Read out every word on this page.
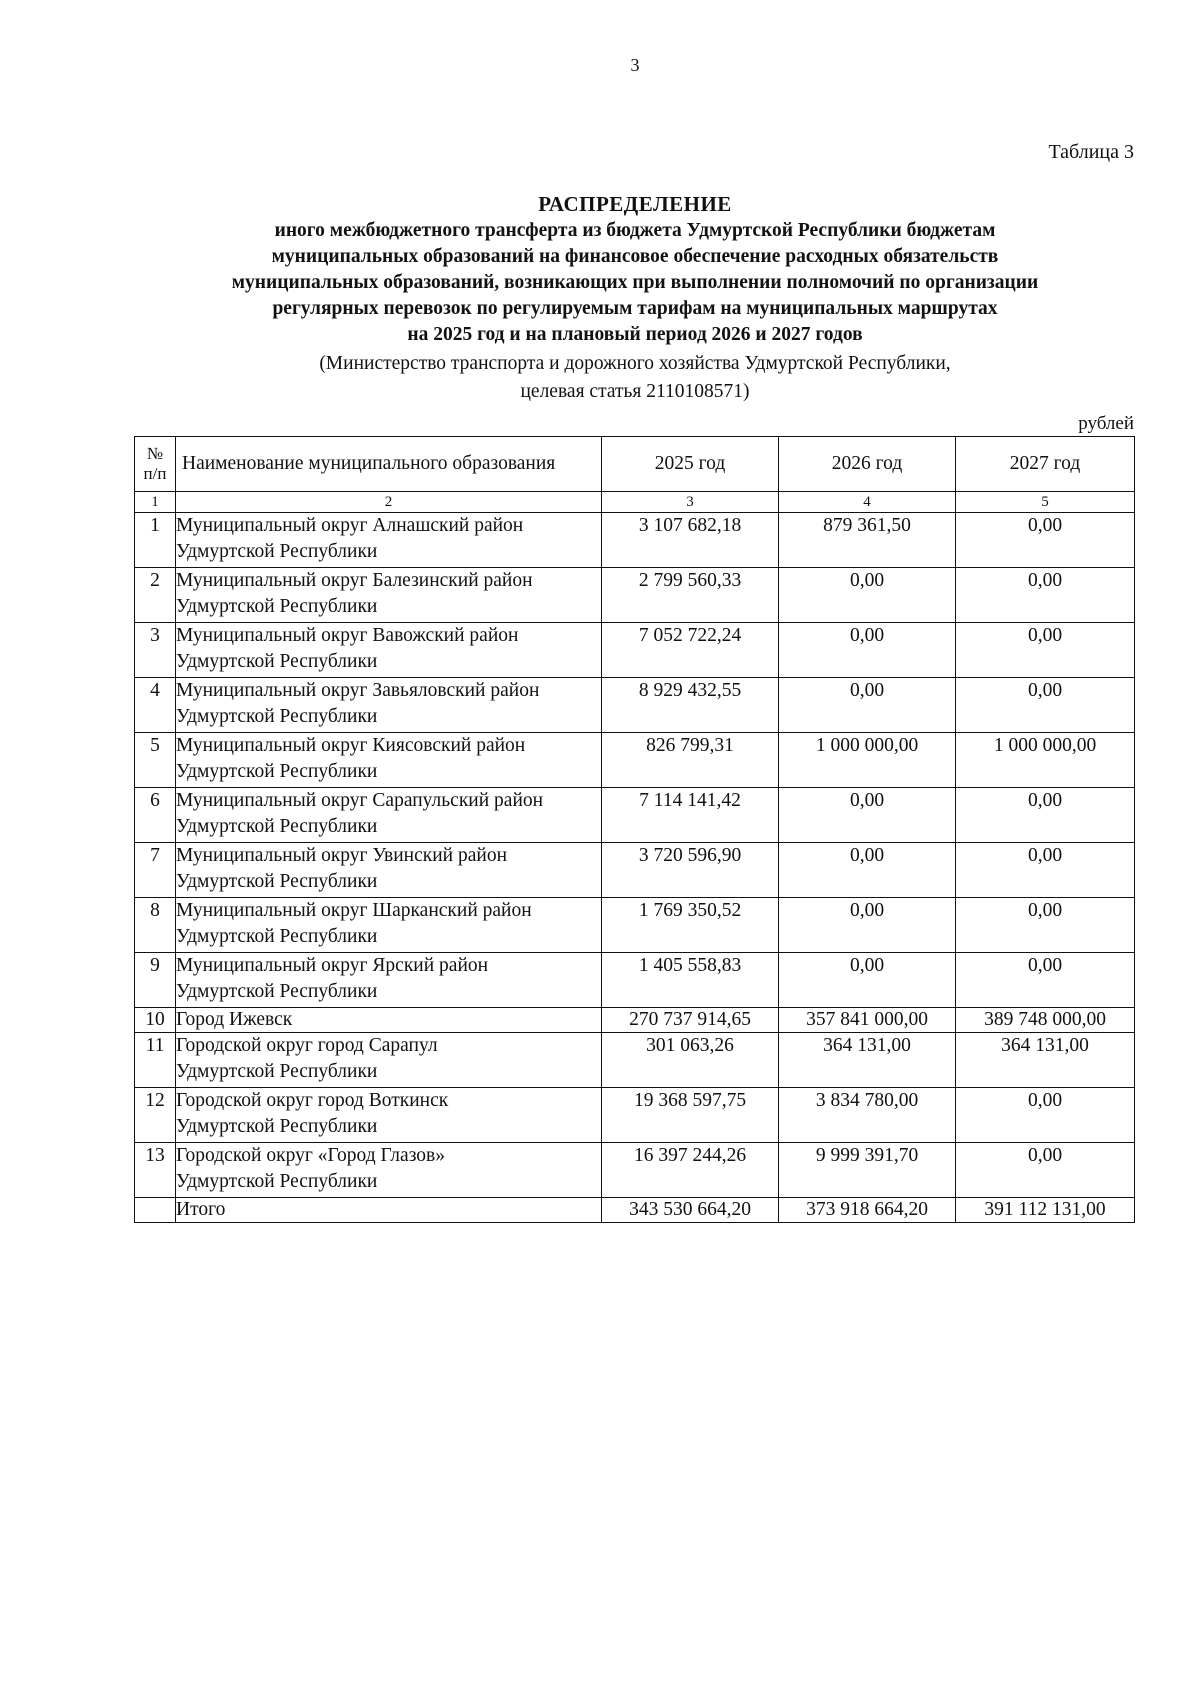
3
Таблица 3
РАСПРЕДЕЛЕНИЕ
иного межбюджетного трансферта из бюджета Удмуртской Республики бюджетам
муниципальных образований на финансовое обеспечение расходных обязательств
муниципальных образований, возникающих при выполнении полномочий по организации
регулярных перевозок по регулируемым тарифам на муниципальных маршрутах
на 2025 год и на плановый период 2026 и 2027 годов
(Министерство транспорта и дорожного хозяйства Удмуртской Республики,
целевая статья 2110108571)
рублей
№
п/п	Наименование муниципального образования	2025 год	2026 год	2027 год
1	2	3	4	5
1	Муниципальный округ Алнашский район
Удмуртской Республики	3 107 682,18	879 361,50	0,00
2	Муниципальный округ Балезинский район
Удмуртской Республики	2 799 560,33	0,00	0,00
3	Муниципальный округ Вавожский район
Удмуртской Республики	7 052 722,24	0,00	0,00
4	Муниципальный округ Завьяловский район
Удмуртской Республики	8 929 432,55	0,00	0,00
5	Муниципальный округ Киясовский район
Удмуртской Республики	826 799,31	1 000 000,00	1 000 000,00
6	Муниципальный округ Сарапульский район
Удмуртской Республики	7 114 141,42	0,00	0,00
7	Муниципальный округ Увинский район
Удмуртской Республики	3 720 596,90	0,00	0,00
8	Муниципальный округ Шарканский район
Удмуртской Республики	1 769 350,52	0,00	0,00
9	Муниципальный округ Ярский район
Удмуртской Республики	1 405 558,83	0,00	0,00
10	Город Ижевск	270 737 914,65	357 841 000,00	389 748 000,00
11	Городской округ город Сарапул
Удмуртской Республики	301 063,26	364 131,00	364 131,00
12	Городской округ город Воткинск
Удмуртской Республики	19 368 597,75	3 834 780,00	0,00
13	Городской округ «Город Глазов»
Удмуртской Республики	16 397 244,26	9 999 391,70	0,00
	Итого	343 530 664,20	373 918 664,20	391 112 131,00
